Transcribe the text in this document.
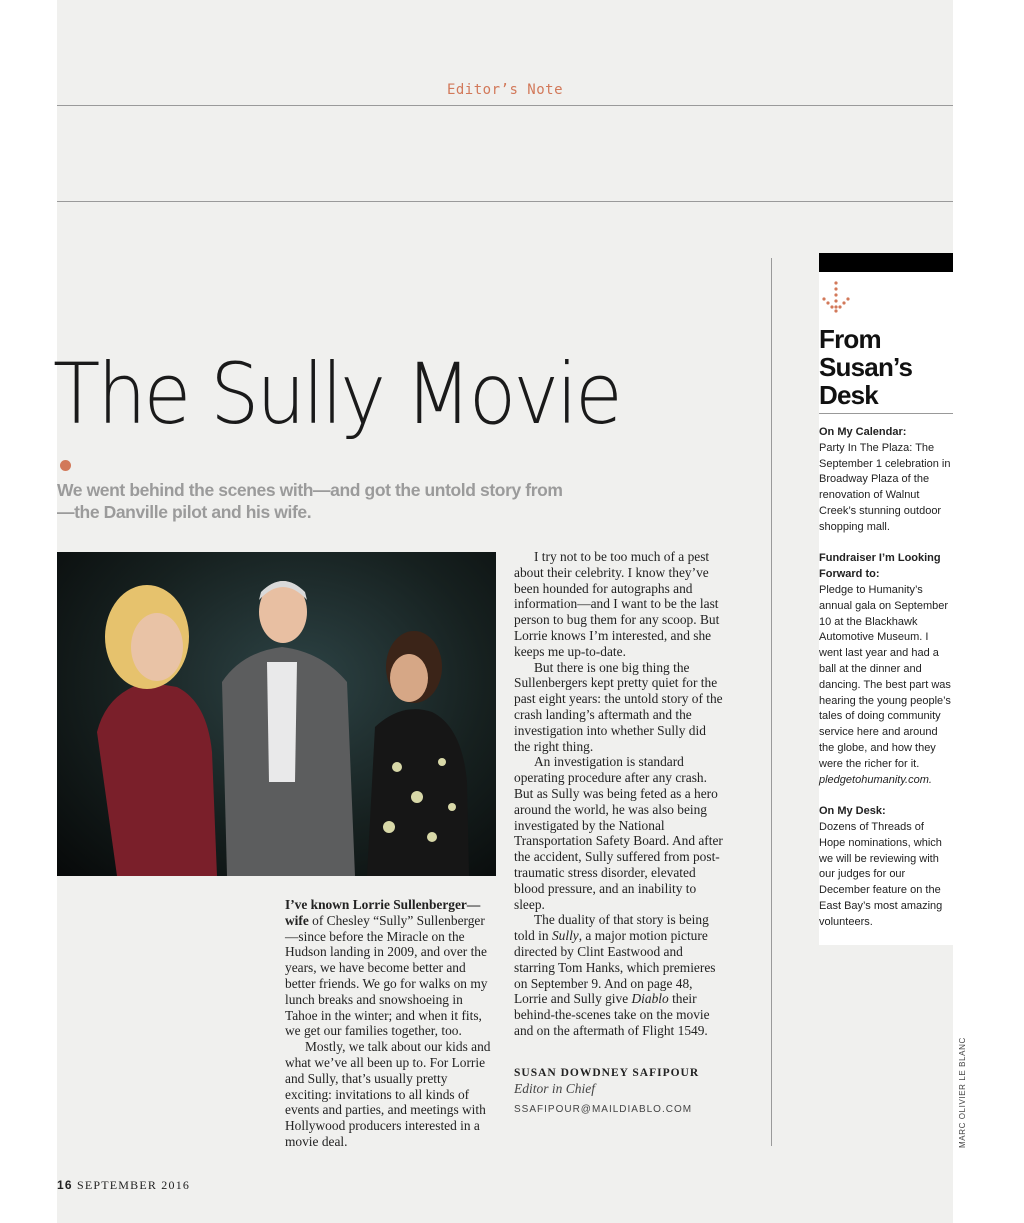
Editor’s Note
The Sully Movie
We went behind the scenes with—and got the untold story from—the Danville pilot and his wife.

I’ve known Lorrie Sullenberger—wife of Chesley “Sully” Sullenberger—since before the Miracle on the Hudson landing in 2009, and over the years, we have become better and better friends. We go for walks on my lunch breaks and snowshoeing in Tahoe in the winter; and when it fits, we get our families together, too.

Mostly, we talk about our kids and what we’ve all been up to. For Lorrie and Sully, that’s usually pretty exciting: invitations to all kinds of events and parties, and meetings with Hollywood producers interested in a movie deal.

I try not to be too much of a pest about their celebrity. I know they’ve been hounded for autographs and information—and I want to be the last person to bug them for any scoop. But Lorrie knows I’m interested, and she keeps me up-to-date.

But there is one big thing the Sullenbergers kept pretty quiet for the past eight years: the untold story of the crash landing’s aftermath and the investigation into whether Sully did the right thing.

An investigation is standard operating procedure after any crash. But as Sully was being feted as a hero around the world, he was also being investigated by the National Transportation Safety Board. And after the accident, Sully suffered from post-traumatic stress disorder, elevated blood pressure, and an inability to sleep.

The duality of that story is being told in Sully, a major motion picture directed by Clint Eastwood and starring Tom Hanks, which premieres on September 9. And on page 48, Lorrie and Sully give Diablo their behind-the-scenes take on the movie and on the aftermath of Flight 1549.

SUSAN DOWDNEY SAFIPOUR
Editor in Chief
SSAFIPOUR@MAILDIABLO.COM
From Susan’s Desk
On My Calendar:
Party In The Plaza: The September 1 celebration in Broadway Plaza of the renovation of Walnut Creek’s stunning outdoor shopping mall.
Fundraiser I’m Looking Forward to:
Pledge to Humanity’s annual gala on September 10 at the Blackhawk Automotive Museum. I went last year and had a ball at the dinner and dancing. The best part was hearing the young people’s tales of doing community service here and around the globe, and how they were the richer for it. pledgetohumanity.com.
On My Desk:
Dozens of Threads of Hope nominations, which we will be reviewing with our judges for our December feature on the East Bay’s most amazing volunteers.
16 SEPTEMBER 2016
MARC OLIVIER LE BLANC
